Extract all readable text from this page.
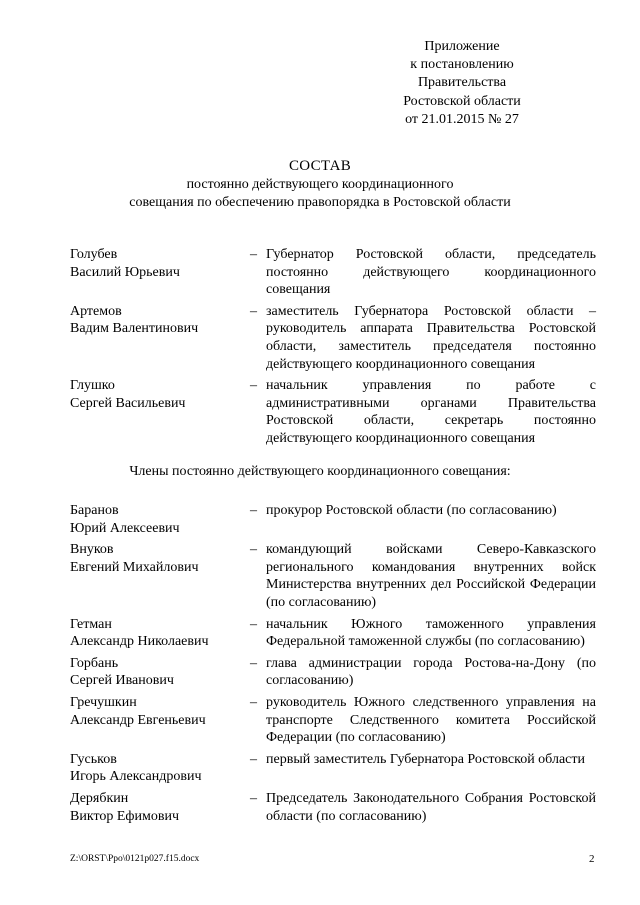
Приложение
к постановлению
Правительства
Ростовской области
от 21.01.2015 № 27
СОСТАВ
постоянно действующего координационного
совещания по обеспечению правопорядка в Ростовской области
Голубев
Василий Юрьевич
– Губернатор Ростовской области, председатель постоянно действующего координационного совещания
Артемов
Вадим Валентинович
– заместитель Губернатора Ростовской области – руководитель аппарата Правительства Ростовской области, заместитель председателя постоянно действующего координационного совещания
Глушко
Сергей Васильевич
– начальник управления по работе с административными органами Правительства Ростовской области, секретарь постоянно действующего координационного совещания
Члены постоянно действующего координационного совещания:
Баранов
Юрий Алексеевич
– прокурор Ростовской области (по согласованию)
Внуков
Евгений Михайлович
– командующий войсками Северо-Кавказского регионального командования внутренних войск Министерства внутренних дел Российской Федерации (по согласованию)
Гетман
Александр Николаевич
– начальник Южного таможенного управления Федеральной таможенной службы (по согласованию)
Горбань
Сергей Иванович
– глава администрации города Ростова-на-Дону (по согласованию)
Гречушкин
Александр Евгеньевич
– руководитель Южного следственного управления на транспорте Следственного комитета Российской Федерации (по согласованию)
Гуськов
Игорь Александрович
– первый заместитель Губернатора Ростовской области
Дерябкин
Виктор Ефимович
– Председатель Законодательного Собрания Ростовской области (по согласованию)
Z:\ORST\Ppo\0121p027.f15.docx	2
